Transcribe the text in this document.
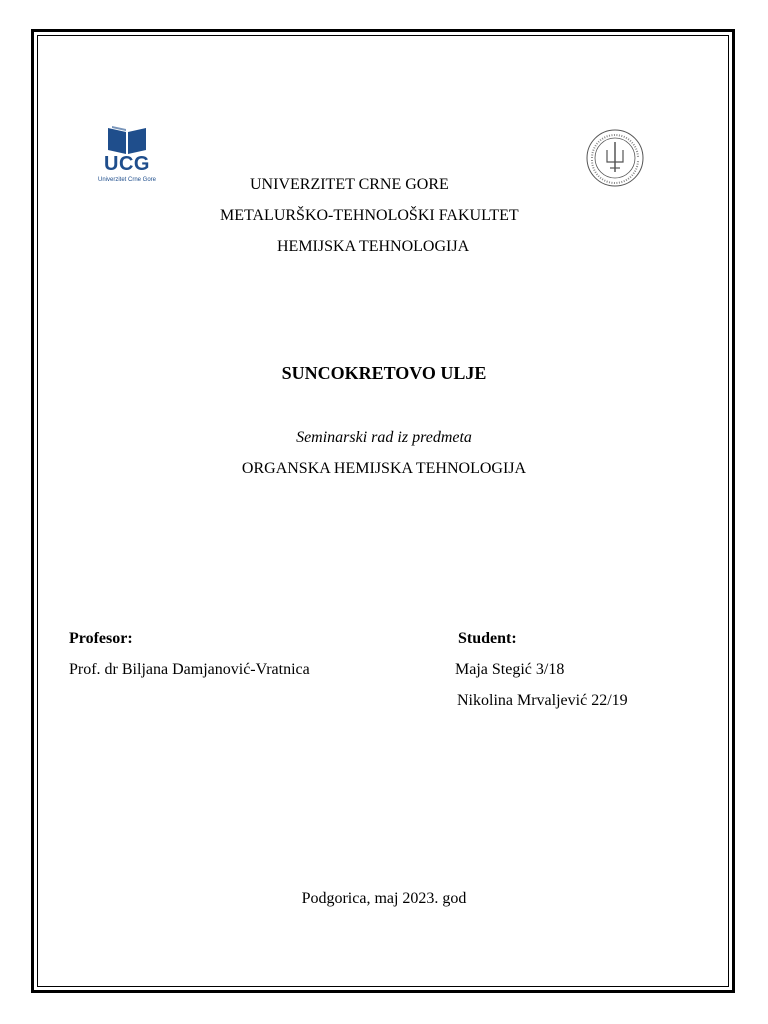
UCG
Univerzitet Crne Gore	UNIVERZITET CRNE GORE
METALURŠKO-TEHNOLOŠKI FAKULTET
HEMIJSKA TEHNOLOGIJA
SUNCOKRETOVO ULJE
Seminarski rad iz predmeta
ORGANSKA HEMIJSKA TEHNOLOGIJA
Profesor:
Prof. dr Biljana Damjanović-Vratnica
Student:
Maja Stegić 3/18
Nikolina Mrvaljević 22/19
Podgorica, maj 2023. god
